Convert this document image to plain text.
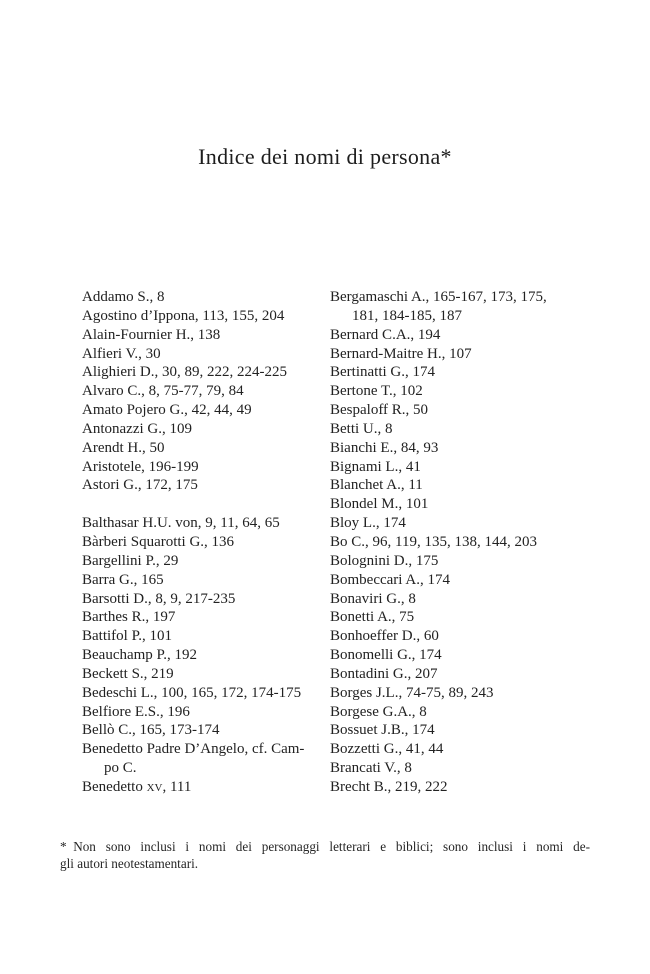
Indice dei nomi di persona*
Addamo S., 8
Agostino d’Ippona, 113, 155, 204
Alain-Fournier H., 138
Alfieri V., 30
Alighieri D., 30, 89, 222, 224-225
Alvaro C., 8, 75-77, 79, 84
Amato Pojero G., 42, 44, 49
Antonazzi G., 109
Arendt H., 50
Aristotele, 196-199
Astori G., 172, 175

Balthasar H.U. von, 9, 11, 64, 65
Bàrberi Squarotti G., 136
Bargellini P., 29
Barra G., 165
Barsotti D., 8, 9, 217-235
Barthes R., 197
Battifol P., 101
Beauchamp P., 192
Beckett S., 219
Bedeschi L., 100, 165, 172, 174-175
Belfiore E.S., 196
Bellò C., 165, 173-174
Benedetto Padre D’Angelo, cf. Cam-
po C.
Benedetto xv, 111
Bergamaschi A., 165-167, 173, 175,
181, 184-185, 187
Bernard C.A., 194
Bernard-Maitre H., 107
Bertinatti G., 174
Bertone T., 102
Bespaloff R., 50
Betti U., 8
Bianchi E., 84, 93
Bignami L., 41
Blanchet A., 11
Blondel M., 101
Bloy L., 174
Bo C., 96, 119, 135, 138, 144, 203
Bolognini D., 175
Bombeccari A., 174
Bonaviri G., 8
Bonetti A., 75
Bonhoeffer D., 60
Bonomelli G., 174
Bontadini G., 207
Borges J.L., 74-75, 89, 243
Borgese G.A., 8
Bossuet J.B., 174
Bozzetti G., 41, 44
Brancati V., 8
Brecht B., 219, 222
* Non sono inclusi i nomi dei personaggi letterari e biblici; sono inclusi i nomi de-
gli autori neotestamentari.
